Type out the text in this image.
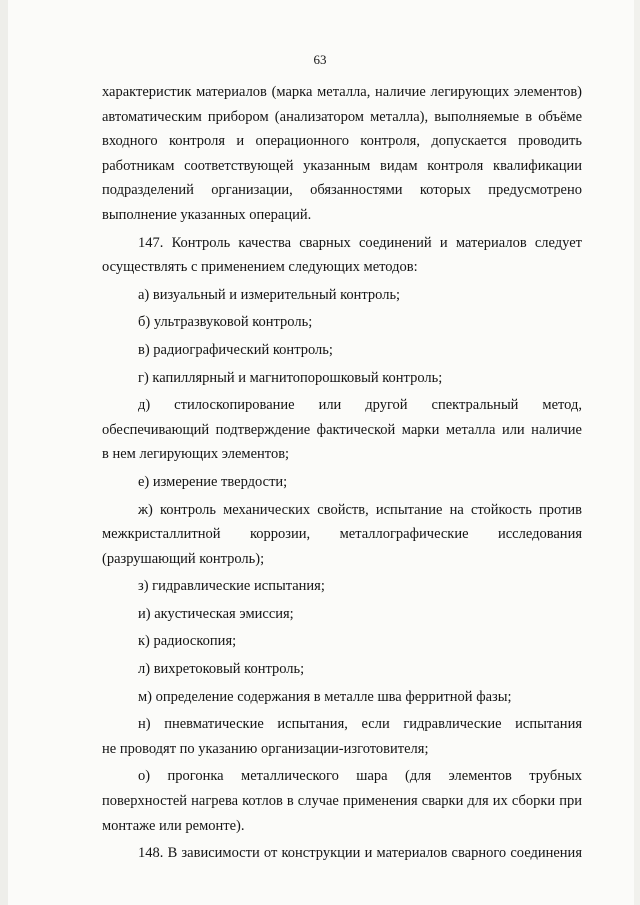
63
характеристик материалов (марка металла, наличие легирующих элементов)
автоматическим прибором (анализатором металла), выполняемые в объёме
входного контроля и операционного контроля, допускается проводить
работникам соответствующей указанным видам контроля квалификации
подразделений организации, обязанностями которых предусмотрено
выполнение указанных операций.
147. Контроль качества сварных соединений и материалов следует
осуществлять с применением следующих методов:
а) визуальный и измерительный контроль;
б) ультразвуковой контроль;
в) радиографический контроль;
г) капиллярный и магнитопорошковый контроль;
д) стилоскопирование или другой спектральный метод,
обеспечивающий подтверждение фактической марки металла или наличие
в нем легирующих элементов;
е) измерение твердости;
ж) контроль механических свойств, испытание на стойкость против
межкристаллитной коррозии, металлографические исследования
(разрушающий контроль);
з) гидравлические испытания;
и) акустическая эмиссия;
к) радиоскопия;
л) вихретоковый контроль;
м) определение содержания в металле шва ферритной фазы;
н) пневматические испытания, если гидравлические испытания
не проводят по указанию организации-изготовителя;
о) прогонка металлического шара (для элементов трубных
поверхностей нагрева котлов в случае применения сварки для их сборки при
монтаже или ремонте).
148. В зависимости от конструкции и материалов сварного соединения
